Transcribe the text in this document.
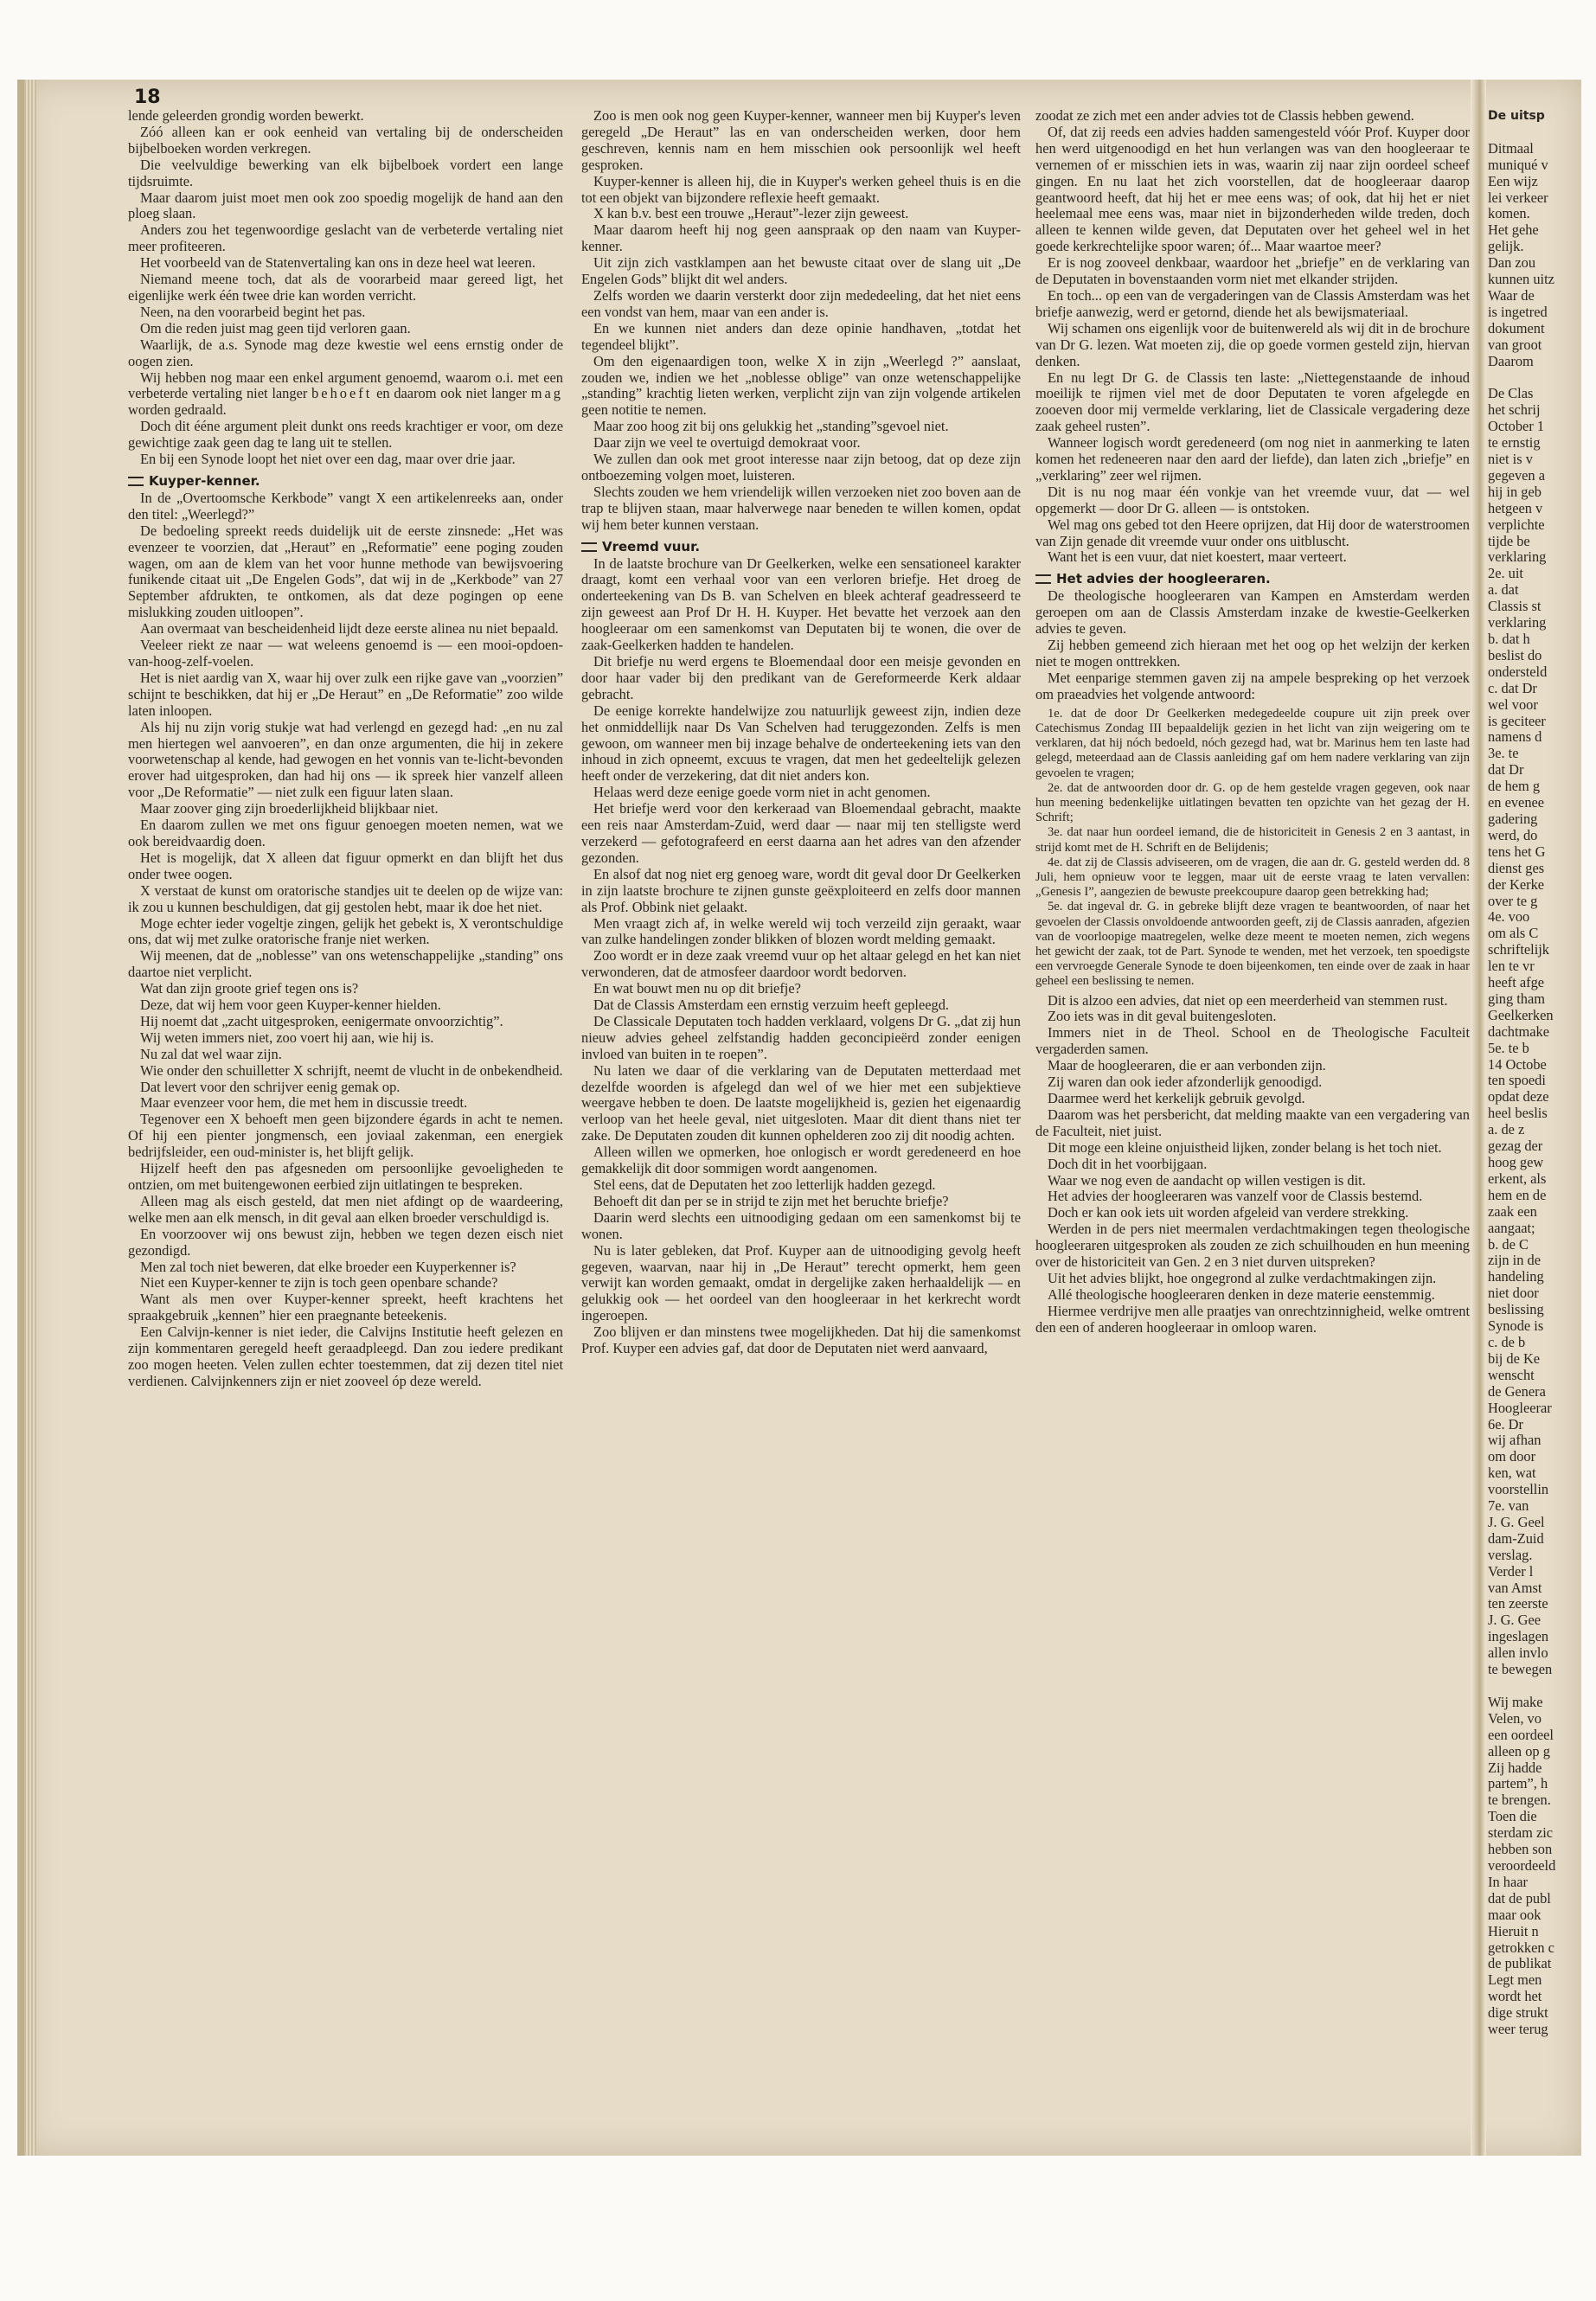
18

lende geleerden grondig worden bewerkt.

Zóó alleen kan er ook eenheid van vertaling bij de onderscheiden bijbelboeken worden verkregen.

Die veelvuldige bewerking van elk bijbelboek vordert een lange tijdsruimte.

Maar daarom juist moet men ook zoo spoedig mogelijk de hand aan den ploeg slaan.

Anders zou het tegenwoordige geslacht van de verbeterde vertaling niet meer profiteeren.

Het voorbeeld van de Statenvertaling kan ons in deze heel wat leeren.

Niemand meene toch, dat als de voorarbeid maar gereed ligt, het eigenlijke werk één twee drie kan worden verricht.

Neen, na den voorarbeid begint het pas.

Om die reden juist mag geen tijd verloren gaan.

Waarlijk, de a.s. Synode mag deze kwestie wel eens ernstig onder de oogen zien.

Wij hebben nog maar een enkel argument genoemd, waarom o.i. met een verbeterde vertaling niet langer behoeft en daarom ook niet langer mag worden gedraald.

Doch dit ééne argument pleit dunkt ons reeds krachtiger er voor, om deze gewichtige zaak geen dag te lang uit te stellen.

En bij een Synode loopt het niet over een dag, maar over drie jaar.

Kuyper-kenner.

In de „Overtoomsche Kerkbode” vangt X een artikelenreeks aan, onder den titel: „Weerlegd?”

De bedoeling spreekt reeds duidelijk uit de eerste zinsnede: „Het was evenzeer te voorzien, dat „Heraut” en „Reformatie” eene poging zouden wagen, om aan de klem van het voor hunne methode van bewijsvoering funikende citaat uit „De Engelen Gods”, dat wij in de „Kerkbode” van 27 September afdrukten, te ontkomen, als dat deze pogingen op eene mislukking zouden uitloopen”.

Aan overmaat van bescheidenheid lijdt deze eerste alinea nu niet bepaald.

Veeleer riekt ze naar — wat weleens genoemd is — een mooi-opdoen-van-hoog-zelf-voelen.

Het is niet aardig van X, waar hij over zulk een rijke gave van „voorzien” schijnt te beschikken, dat hij er „De Heraut” en „De Reformatie” zoo wilde laten inloopen.

Als hij nu zijn vorig stukje wat had verlengd en gezegd had: „en nu zal men hiertegen wel aanvoeren”, en dan onze argumenten, die hij in zekere voorwetenschap al kende, had gewogen en het vonnis van te-licht-bevonden erover had uitgesproken, dan had hij ons — ik spreek hier vanzelf alleen voor „De Reformatie” — niet zulk een figuur laten slaan.

Maar zoover ging zijn broederlijkheid blijkbaar niet.

En daarom zullen we met ons figuur genoegen moeten nemen, wat we ook bereidvaardig doen.

Het is mogelijk, dat X alleen dat figuur opmerkt en dan blijft het dus onder twee oogen.

X verstaat de kunst om oratorische standjes uit te deelen op de wijze van: ik zou u kunnen beschuldigen, dat gij gestolen hebt, maar ik doe het niet.

Moge echter ieder vogeltje zingen, gelijk het gebekt is, X verontschuldige ons, dat wij met zulke oratorische franje niet werken.

Wij meenen, dat de „noblesse” van ons wetenschappelijke „standing” ons daartoe niet verplicht.

Wat dan zijn groote grief tegen ons is?

Deze, dat wij hem voor geen Kuyper-kenner hielden.

Hij noemt dat „zacht uitgesproken, eenigermate onvoorzichtig”.

Wij weten immers niet, zoo voert hij aan, wie hij is.

Nu zal dat wel waar zijn.

Wie onder den schuilletter X schrijft, neemt de vlucht in de onbekendheid.

Dat levert voor den schrijver eenig gemak op.

Maar evenzeer voor hem, die met hem in discussie treedt.

Tegenover een X behoeft men geen bijzondere égards in acht te nemen. Of hij een pienter jongmensch, een joviaal zakenman, een energiek bedrijfsleider, een oud-minister is, het blijft gelijk.

Hijzelf heeft den pas afgesneden om persoonlijke gevoeligheden te ontzien, om met buitengewonen eerbied zijn uitlatingen te bespreken.

Alleen mag als eisch gesteld, dat men niet afdingt op de waardeering, welke men aan elk mensch, in dit geval aan elken broeder verschuldigd is.

En voorzoover wij ons bewust zijn, hebben we tegen dezen eisch niet gezondigd.

Men zal toch niet beweren, dat elke broeder een Kuyperkenner is?

Niet een Kuyper-kenner te zijn is toch geen openbare schande?

Want als men over Kuyper-kenner spreekt, heeft krachtens het spraakgebruik „kennen” hier een praegnante beteekenis.

Een Calvijn-kenner is niet ieder, die Calvijns Institutie heeft gelezen en zijn kommentaren geregeld heeft geraadpleegd. Dan zou iedere predikant zoo mogen heeten. Velen zullen echter toestemmen, dat zij dezen titel niet verdienen. Calvijnkenners zijn er niet zooveel óp deze wereld.

Zoo is men ook nog geen Kuyper-kenner, wanneer men bij Kuyper's leven geregeld „De Heraut” las en van onderscheiden werken, door hem geschreven, kennis nam en hem misschien ook persoonlijk wel heeft gesproken.

Kuyper-kenner is alleen hij, die in Kuyper's werken geheel thuis is en die tot een objekt van bijzondere reflexie heeft gemaakt.

X kan b.v. best een trouwe „Heraut”-lezer zijn geweest.

Maar daarom heeft hij nog geen aanspraak op den naam van Kuyper-kenner.

Uit zijn zich vastklampen aan het bewuste citaat over de slang uit „De Engelen Gods” blijkt dit wel anders.

Zelfs worden we daarin versterkt door zijn mededeeling, dat het niet eens een vondst van hem, maar van een ander is.

En we kunnen niet anders dan deze opinie handhaven, „totdat het tegendeel blijkt”.

Om den eigenaardigen toon, welke X in zijn „Weerlegd ?” aanslaat, zouden we, indien we het „noblesse oblige” van onze wetenschappelijke „standing” krachtig lieten werken, verplicht zijn van zijn volgende artikelen geen notitie te nemen.

Maar zoo hoog zit bij ons gelukkig het „standing”sgevoel niet.

Daar zijn we veel te overtuigd demokraat voor.

We zullen dan ook met groot interesse naar zijn betoog, dat op deze zijn ontboezeming volgen moet, luisteren.

Slechts zouden we hem vriendelijk willen verzoeken niet zoo boven aan de trap te blijven staan, maar halverwege naar beneden te willen komen, opdat wij hem beter kunnen verstaan.

Vreemd vuur.

In de laatste brochure van Dr Geelkerken, welke een sensationeel karakter draagt, komt een verhaal voor van een verloren briefje. Het droeg de onderteekening van Ds B. van Schelven en bleek achteraf geadresseerd te zijn geweest aan Prof Dr H. H. Kuyper. Het bevatte het verzoek aan den hoogleeraar om een samenkomst van Deputaten bij te wonen, die over de zaak-Geelkerken hadden te handelen.

Dit briefje nu werd ergens te Bloemendaal door een meisje gevonden en door haar vader bij den predikant van de Gereformeerde Kerk aldaar gebracht.

De eenige korrekte handelwijze zou natuurlijk geweest zijn, indien deze het onmiddellijk naar Ds Van Schelven had teruggezonden. Zelfs is men gewoon, om wanneer men bij inzage behalve de onderteekening iets van den inhoud in zich opneemt, excuus te vragen, dat men het gedeeltelijk gelezen heeft onder de verzekering, dat dit niet anders kon.

Helaas werd deze eenige goede vorm niet in acht genomen.

Het briefje werd voor den kerkeraad van Bloemendaal gebracht, maakte een reis naar Amsterdam-Zuid, werd daar — naar mij ten stelligste werd verzekerd — gefotografeerd en eerst daarna aan het adres van den afzender gezonden.

En alsof dat nog niet erg genoeg ware, wordt dit geval door Dr Geelkerken in zijn laatste brochure te zijnen gunste geëxploiteerd en zelfs door mannen als Prof. Obbink niet gelaakt.

Men vraagt zich af, in welke wereld wij toch verzeild zijn geraakt, waar van zulke handelingen zonder blikken of blozen wordt melding gemaakt.

Zoo wordt er in deze zaak vreemd vuur op het altaar gelegd en het kan niet verwonderen, dat de atmosfeer daardoor wordt bedorven.

En wat bouwt men nu op dit briefje?

Dat de Classis Amsterdam een ernstig verzuim heeft gepleegd.

De Classicale Deputaten toch hadden verklaard, volgens Dr G. „dat zij hun nieuw advies geheel zelfstandig hadden geconcipieërd zonder eenigen invloed van buiten in te roepen”.

Nu laten we daar of die verklaring van de Deputaten metterdaad met dezelfde woorden is afgelegd dan wel of we hier met een subjektieve weergave hebben te doen. De laatste mogelijkheid is, gezien het eigenaardig verloop van het heele geval, niet uitgesloten. Maar dit dient thans niet ter zake. De Deputaten zouden dit kunnen ophelderen zoo zij dit noodig achten.

Alleen willen we opmerken, hoe onlogisch er wordt geredeneerd en hoe gemakkelijk dit door sommigen wordt aangenomen.

Stel eens, dat de Deputaten het zoo letterlijk hadden gezegd.

Behoeft dit dan per se in strijd te zijn met het beruchte briefje?

Daarin werd slechts een uitnoodiging gedaan om een samenkomst bij te wonen.

Nu is later gebleken, dat Prof. Kuyper aan de uitnoodiging gevolg heeft gegeven, waarvan, naar hij in „De Heraut” terecht opmerkt, hem geen verwijt kan worden gemaakt, omdat in dergelijke zaken herhaaldelijk — en gelukkig ook — het oordeel van den hoogleeraar in het kerkrecht wordt ingeroepen.

Zoo blijven er dan minstens twee mogelijkheden. Dat hij die samenkomst Prof. Kuyper een advies gaf, dat door de Deputaten niet werd aanvaard,

zoodat ze zich met een ander advies tot de Classis hebben gewend.

Of, dat zij reeds een advies hadden samengesteld vóór Prof. Kuyper door hen werd uitgenoodigd en het hun verlangen was van den hoogleeraar te vernemen of er misschien iets in was, waarin zij naar zijn oordeel scheef gingen. En nu laat het zich voorstellen, dat de hoogleeraar daarop geantwoord heeft, dat hij het er mee eens was; of ook, dat hij het er niet heelemaal mee eens was, maar niet in bijzonderheden wilde treden, doch alleen te kennen wilde geven, dat Deputaten over het geheel wel in het goede kerkrechtelijke spoor waren; óf... Maar waartoe meer?

Er is nog zooveel denkbaar, waardoor het „briefje” en de verklaring van de Deputaten in bovenstaanden vorm niet met elkander strijden.

En toch... op een van de vergaderingen van de Classis Amsterdam was het briefje aanwezig, werd er getornd, diende het als bewijsmateriaal.

Wij schamen ons eigenlijk voor de buitenwereld als wij dit in de brochure van Dr G. lezen. Wat moeten zij, die op goede vormen gesteld zijn, hiervan denken.

En nu legt Dr G. de Classis ten laste: „Niettegenstaande de inhoud moeilijk te rijmen viel met de door Deputaten te voren afgelegde en zooeven door mij vermelde verklaring, liet de Classicale vergadering deze zaak geheel rusten”.

Wanneer logisch wordt geredeneerd (om nog niet in aanmerking te laten komen het redeneeren naar den aard der liefde), dan laten zich „briefje” en „verklaring” zeer wel rijmen.

Dit is nu nog maar één vonkje van het vreemde vuur, dat — wel opgemerkt — door Dr G. alleen — is ontstoken.

Wel mag ons gebed tot den Heere oprijzen, dat Hij door de waterstroomen van Zijn genade dit vreemde vuur onder ons uitbluscht.

Want het is een vuur, dat niet koestert, maar verteert.

Het advies der hoogleeraren.

De theologische hoogleeraren van Kampen en Amsterdam werden geroepen om aan de Classis Amsterdam inzake de kwestie-Geelkerken advies te geven.

Zij hebben gemeend zich hieraan met het oog op het welzijn der kerken niet te mogen onttrekken.

Met eenparige stemmen gaven zij na ampele bespreking op het verzoek om praeadvies het volgende antwoord:

1e. dat de door Dr Geelkerken medegedeelde coupure uit zijn preek over Catechismus Zondag III bepaaldelijk gezien in het licht van zijn weigering om te verklaren, dat hij nóch bedoeld, nóch gezegd had, wat br. Marinus hem ten laste had gelegd, meteerdaad aan de Classis aanleiding gaf om hem nadere verklaring van zijn gevoelen te vragen;

2e. dat de antwoorden door dr. G. op de hem gestelde vragen gegeven, ook naar hun meening bedenkelijke uitlatingen bevatten ten opzichte van het gezag der H. Schrift;

3e. dat naar hun oordeel iemand, die de historiciteit in Genesis 2 en 3 aantast, in strijd komt met de H. Schrift en de Belijdenis;

4e. dat zij de Classis adviseeren, om de vragen, die aan dr. G. gesteld werden dd. 8 Juli, hem opnieuw voor te leggen, maar uit de eerste vraag te laten vervallen: „Genesis I”, aangezien de bewuste preekcoupure daarop geen betrekking had;

5e. dat ingeval dr. G. in gebreke blijft deze vragen te beantwoorden, of naar het gevoelen der Classis onvoldoende antwoorden geeft, zij de Classis aanraden, afgezien van de voorloopige maatregelen, welke deze meent te moeten nemen, zich wegens het gewicht der zaak, tot de Part. Synode te wenden, met het verzoek, ten spoedigste een vervroegde Generale Synode te doen bijeenkomen, ten einde over de zaak in haar geheel een beslissing te nemen.

Dit is alzoo een advies, dat niet op een meerderheid van stemmen rust.

Zoo iets was in dit geval buitengesloten.

Immers niet in de Theol. School en de Theologische Faculteit vergaderden samen.

Maar de hoogleeraren, die er aan verbonden zijn.

Zij waren dan ook ieder afzonderlijk genoodigd.

Daarmee werd het kerkelijk gebruik gevolgd.

Daarom was het persbericht, dat melding maakte van een vergadering van de Faculteit, niet juist.

Dit moge een kleine onjuistheid lijken, zonder belang is het toch niet.

Doch dit in het voorbijgaan.

Waar we nog even de aandacht op willen vestigen is dit.

Het advies der hoogleeraren was vanzelf voor de Classis bestemd.

Doch er kan ook iets uit worden afgeleid van verdere strekking.

Werden in de pers niet meermalen verdachtmakingen tegen theologische hoogleeraren uitgesproken als zouden ze zich schuilhouden en hun meening over de historiciteit van Gen. 2 en 3 niet durven uitspreken?

Uit het advies blijkt, hoe ongegrond al zulke verdachtmakingen zijn.

Allé theologische hoogleeraren denken in deze materie eenstemmig.

Hiermee verdrijve men alle praatjes van onrechtzinnigheid, welke omtrent den een of anderen hoogleeraar in omloop waren.

De uitsp

Ditmaal

muniqué v

Een wijz

lei verkeer

komen.

Het gehe

gelijk.

Dan zou

kunnen uitz

Waar de

is ingetred

dokument

van groot

Daarom

De Clas

het schrij

October 1

te ernstig

niet is v

gegeven a

hij in geb

hetgeen v

verplichte

tijde be

verklaring

2e. uit

a. dat

Classis st

verklaring

b. dat h

beslist do

ondersteld

c. dat Dr

wel voor

is geciteer

namens d

3e. te

dat Dr

de hem g

en evenee

gadering

werd, do

tens het G

dienst ges

der Kerke

over te g

4e. voo

om als C

schriftelijk

len te vr

heeft afge

ging tham

Geelkerken

dachtmake

5e. te b

14 Octobe

ten spoedi

opdat deze

heel beslis

a. de z

gezag der

hoog gew

erkent, als

hem en de

zaak een

aangaat;

b. de C

zijn in de

handeling

niet door

beslissing

Synode is

c. de b

bij de Ke

wenscht

de Genera

Hoogleerar

6e. Dr

wij afhan

om door

ken, wat

voorstellin

7e. van

J. G. Geel

dam-Zuid

verslag.

Verder l

van Amst

ten zeerste

J. G. Gee

ingeslagen

allen invlo

te bewegen

Wij make

Velen, vo

een oordeel

alleen op g

Zij hadde

partem”, h

te brengen.

Toen die

sterdam zic

hebben son

veroordeeld

In haar

dat de publ

maar ook

Hieruit n

getrokken c

de publikat

Legt men

wordt het

dige strukt

weer terug
